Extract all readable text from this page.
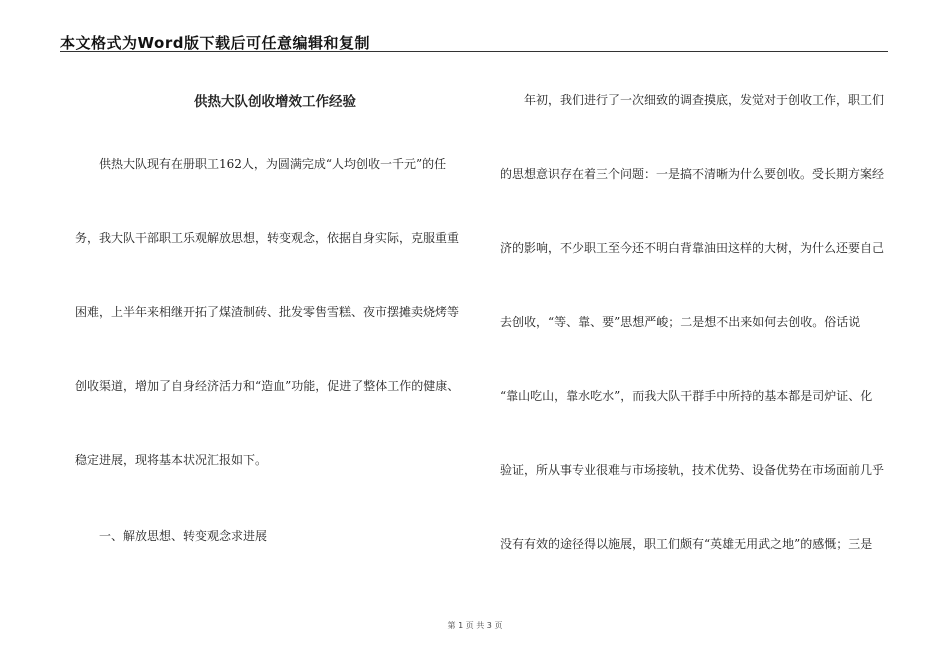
本文格式为Word版下载后可任意编辑和复制
供热大队创收增效工作经验
供热大队现有在册职工162人，为圆满完成“人均创收一千元”的任
务，我大队干部职工乐观解放思想，转变观念，依据自身实际，克服重重
困难，上半年来相继开拓了煤渣制砖、批发零售雪糕、夜市摆摊卖烧烤等
创收渠道，增加了自身经济活力和“造血”功能，促进了整体工作的健康、
稳定进展，现将基本状况汇报如下。
一、解放思想、转变观念求进展
年初，我们进行了一次细致的调查摸底，发觉对于创收工作，职工们
的思想意识存在着三个问题：一是搞不清晰为什么要创收。受长期方案经
济的影响，不少职工至今还不明白背靠油田这样的大树，为什么还要自己
去创收，“等、靠、要”思想严峻；二是想不出来如何去创收。俗话说
“靠山吃山，靠水吃水”，而我大队干群手中所持的基本都是司炉证、化
验证，所从事专业很难与市场接轨，技术优势、设备优势在市场面前几乎
没有有效的途径得以施展，职工们颇有“英雄无用武之地”的感慨；三是
第 1 页 共 3 页
